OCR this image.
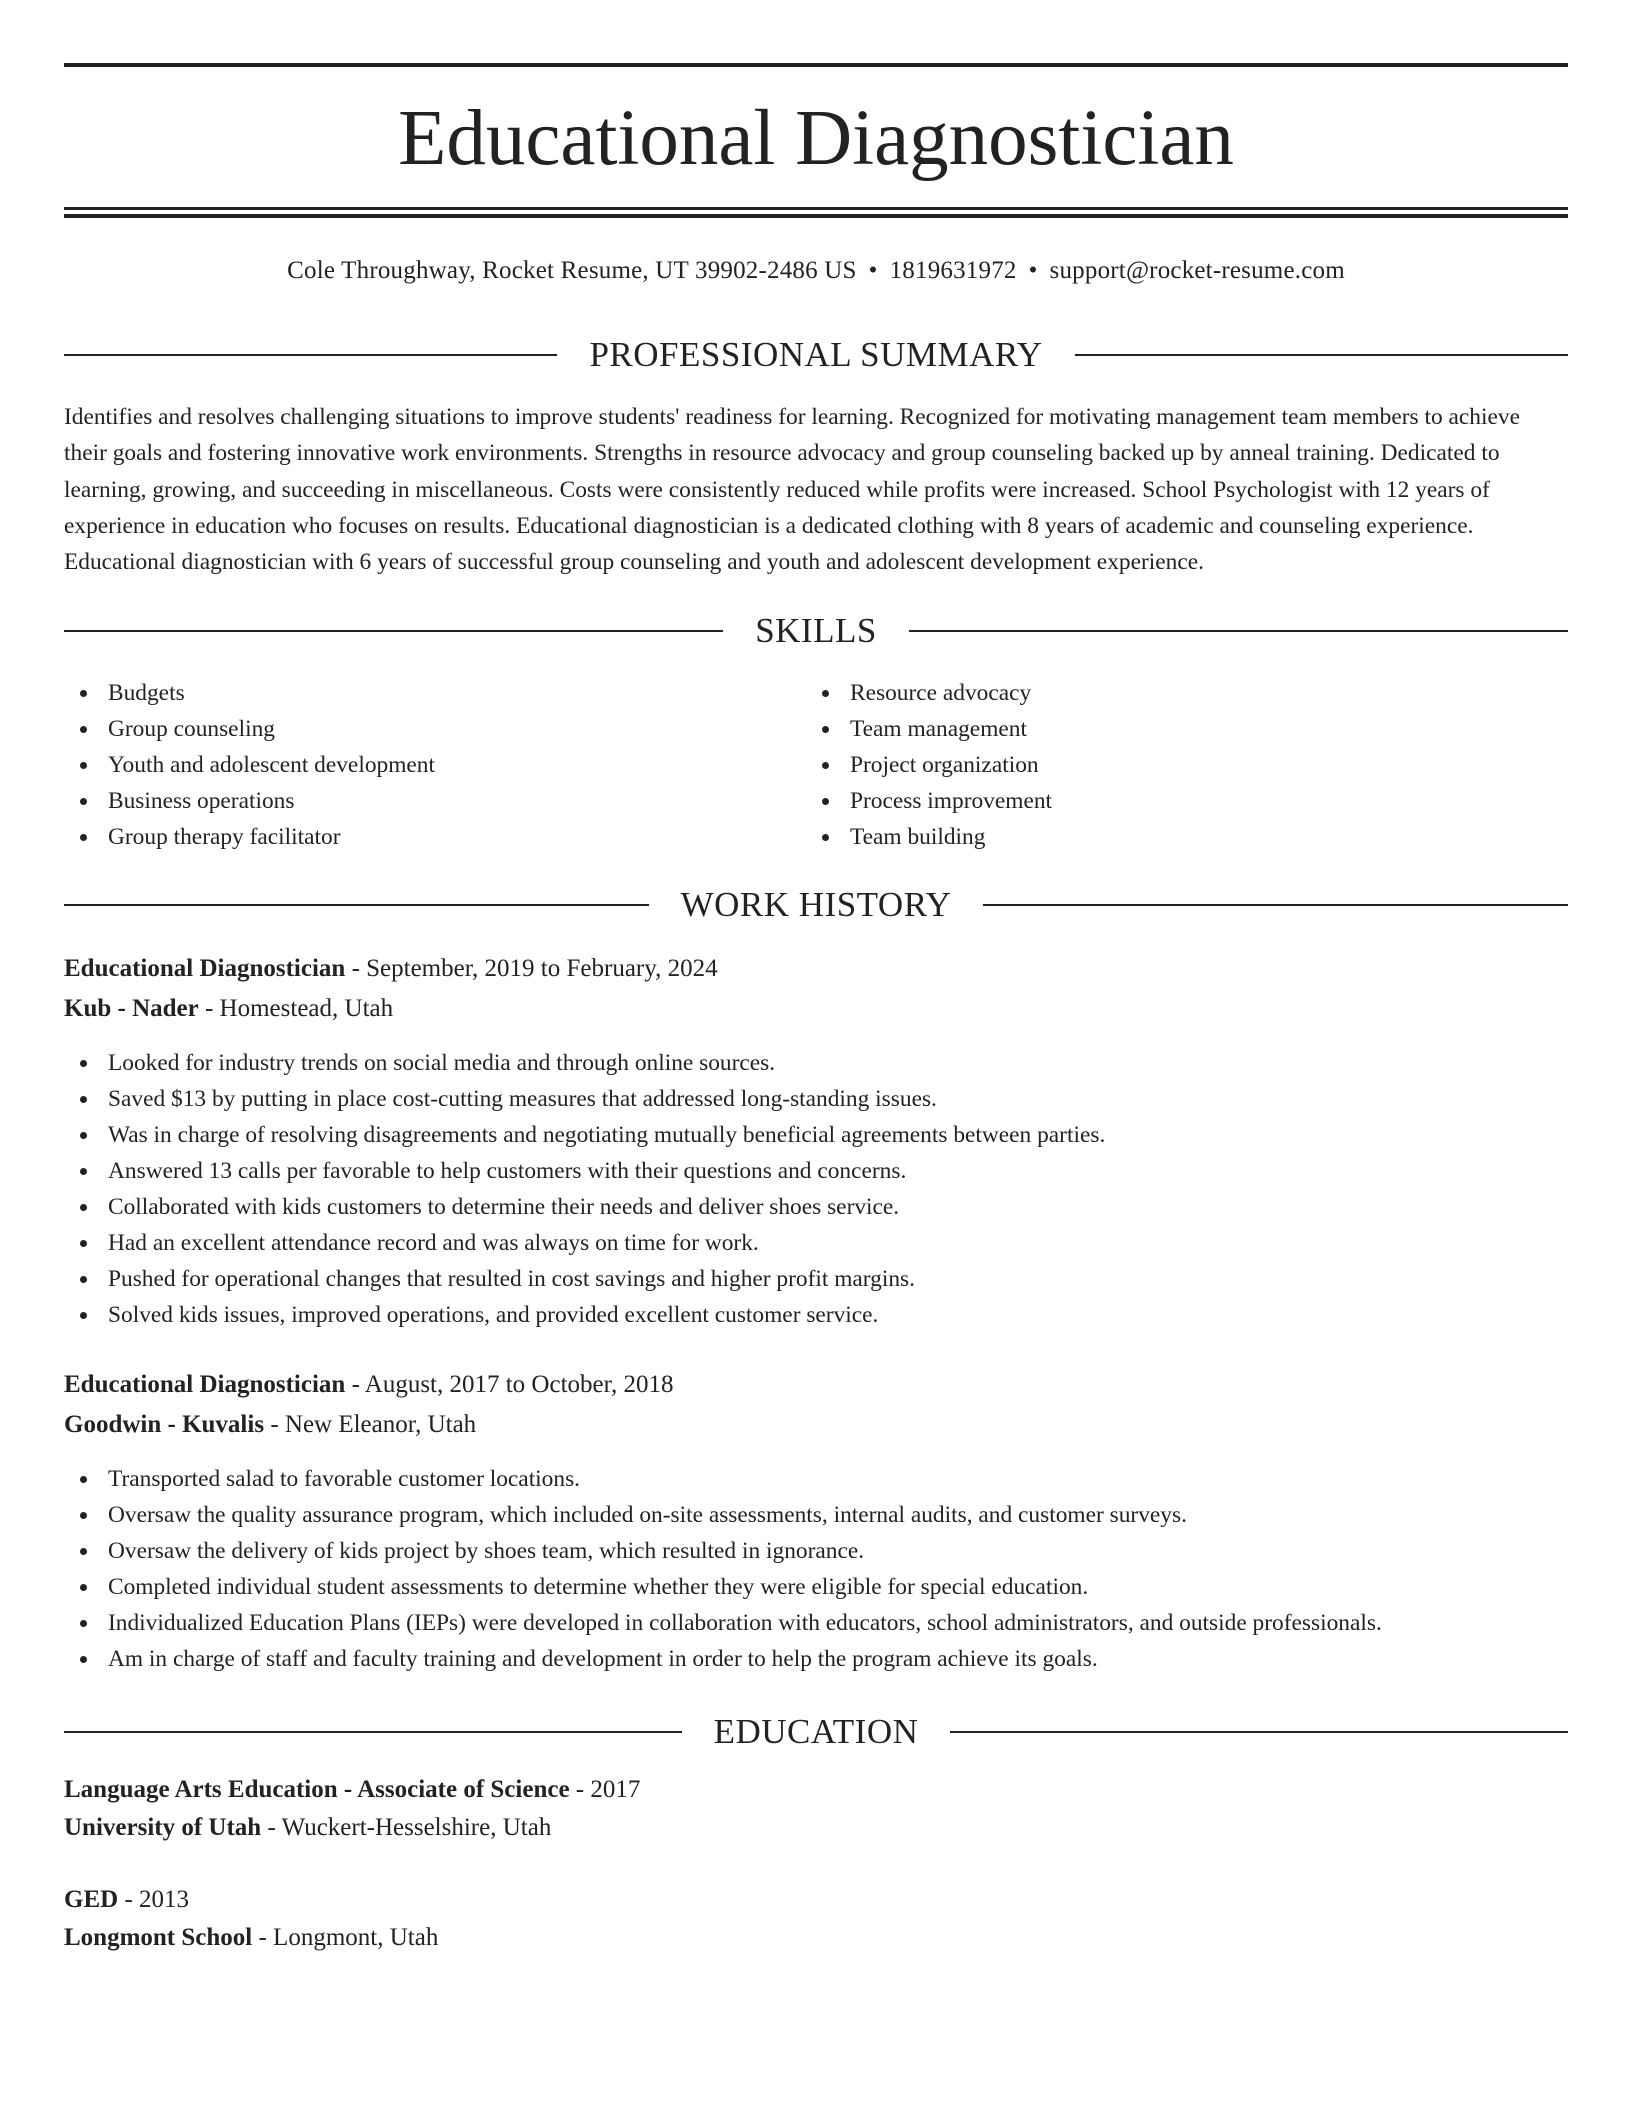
Educational Diagnostician
Cole Throughway, Rocket Resume, UT 39902-2486 US • 1819631972 • support@rocket-resume.com
PROFESSIONAL SUMMARY

Identifies and resolves challenging situations to improve students' readiness for learning. Recognized for motivating management team members to achieve their goals and fostering innovative work environments. Strengths in resource advocacy and group counseling backed up by anneal training. Dedicated to learning, growing, and succeeding in miscellaneous. Costs were consistently reduced while profits were increased. School Psychologist with 12 years of experience in education who focuses on results. Educational diagnostician is a dedicated clothing with 8 years of academic and counseling experience. Educational diagnostician with 6 years of successful group counseling and youth and adolescent development experience.

SKILLS
Budgets
Group counseling
Youth and adolescent development
Business operations
Group therapy facilitator
Resource advocacy
Team management
Project organization
Process improvement
Team building
WORK HISTORY
Educational Diagnostician - September, 2019 to February, 2024
Kub - Nader - Homestead, Utah
Looked for industry trends on social media and through online sources.
Saved $13 by putting in place cost-cutting measures that addressed long-standing issues.
Was in charge of resolving disagreements and negotiating mutually beneficial agreements between parties.
Answered 13 calls per favorable to help customers with their questions and concerns.
Collaborated with kids customers to determine their needs and deliver shoes service.
Had an excellent attendance record and was always on time for work.
Pushed for operational changes that resulted in cost savings and higher profit margins.
Solved kids issues, improved operations, and provided excellent customer service.
Educational Diagnostician - August, 2017 to October, 2018
Goodwin - Kuvalis - New Eleanor, Utah
Transported salad to favorable customer locations.
Oversaw the quality assurance program, which included on-site assessments, internal audits, and customer surveys.
Oversaw the delivery of kids project by shoes team, which resulted in ignorance.
Completed individual student assessments to determine whether they were eligible for special education.
Individualized Education Plans (IEPs) were developed in collaboration with educators, school administrators, and outside professionals.
Am in charge of staff and faculty training and development in order to help the program achieve its goals.
EDUCATION
Language Arts Education - Associate of Science - 2017
University of Utah - Wuckert-Hesselshire, Utah
GED - 2013
Longmont School - Longmont, Utah
